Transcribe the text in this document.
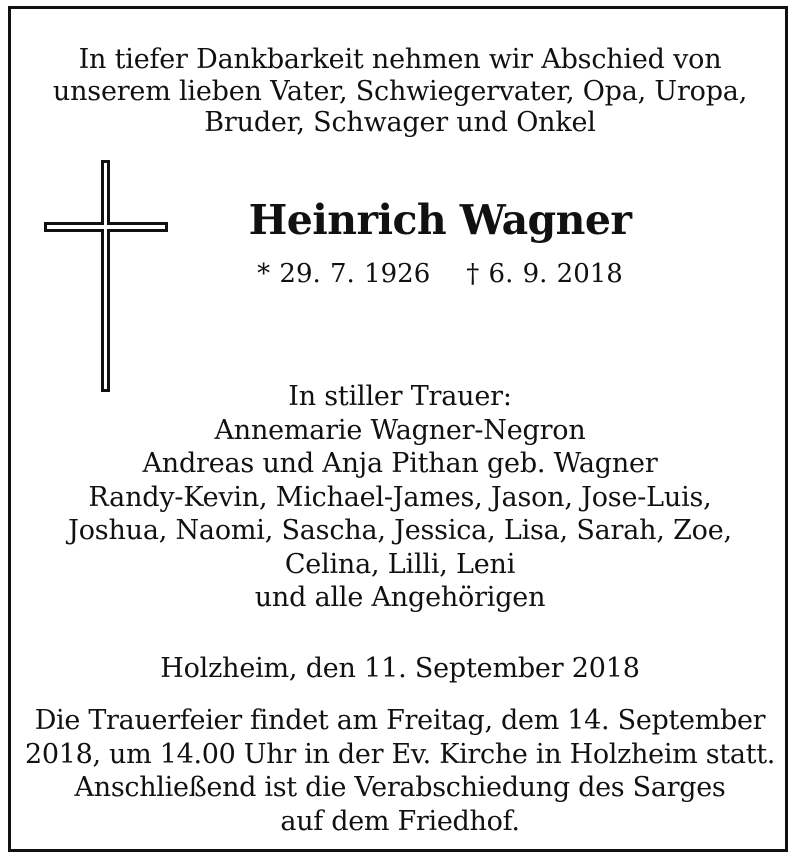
In tiefer Dankbarkeit nehmen wir Abschied von
unserem lieben Vater, Schwiegervater, Opa, Uropa,
Bruder, Schwager und Onkel
Heinrich Wagner
* 29. 7. 1926 † 6. 9. 2018
In stiller Trauer:
Annemarie Wagner-Negron
Andreas und Anja Pithan geb. Wagner
Randy-Kevin, Michael-James, Jason, Jose-Luis,
Joshua, Naomi, Sascha, Jessica, Lisa, Sarah, Zoe,
Celina, Lilli, Leni
und alle Angehörigen
Holzheim, den 11. September 2018
Die Trauerfeier findet am Freitag, dem 14. September
2018, um 14.00 Uhr in der Ev. Kirche in Holzheim statt.
Anschließend ist die Verabschiedung des Sarges
auf dem Friedhof.
